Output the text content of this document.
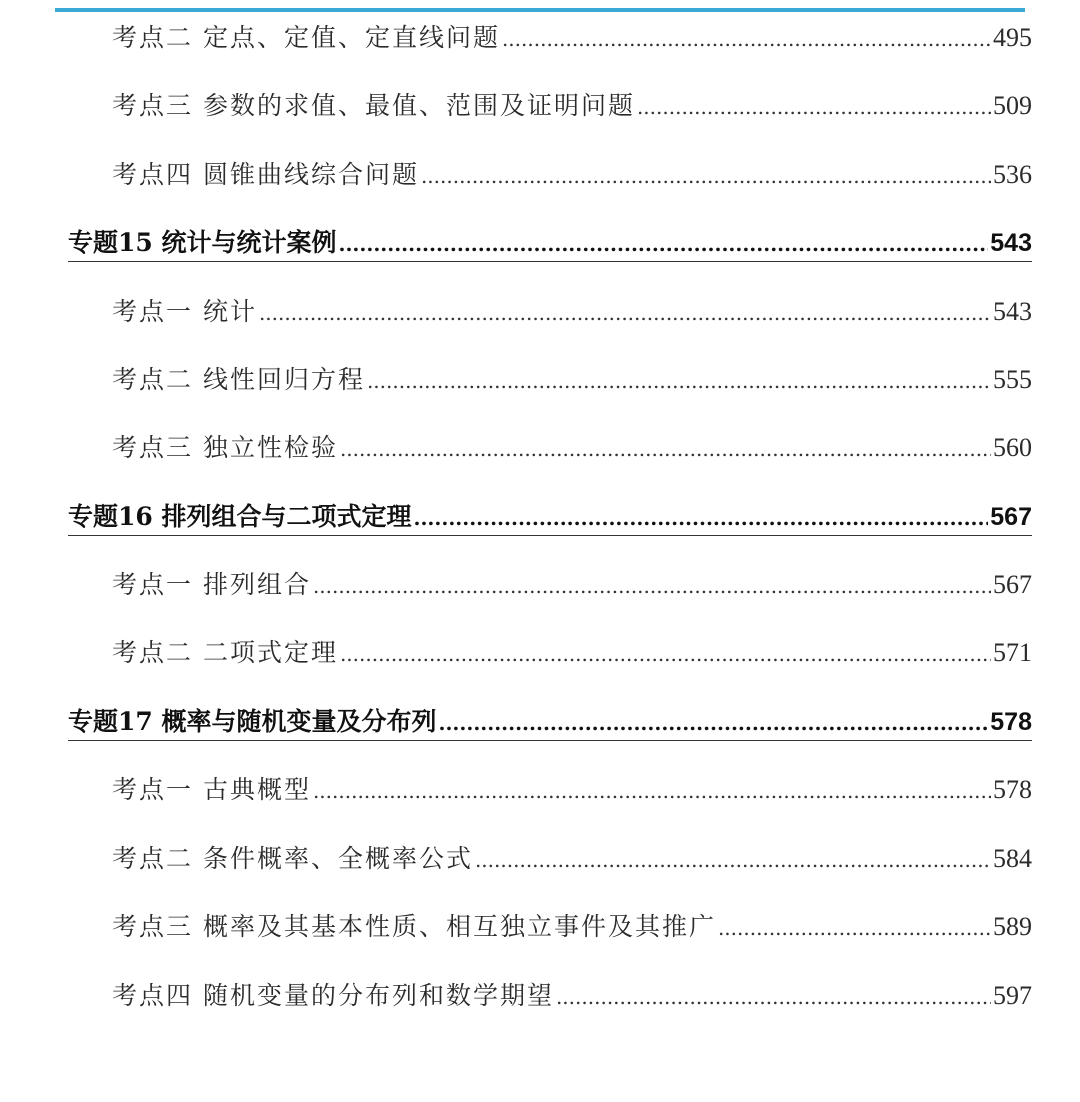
考点二 定点、定值、定直线问题 .....	495
考点三 参数的求值、最值、范围及证明问题 .....	509
考点四 圆锥曲线综合问题 .....	536
专题15 统计与统计案例 .....	543
考点一 统计 .....	543
考点二 线性回归方程 .....	555
考点三 独立性检验 .....	560
专题16 排列组合与二项式定理 .....	567
考点一 排列组合 .....	567
考点二 二项式定理 .....	571
专题17 概率与随机变量及分布列 .....	578
考点一 古典概型 .....	578
考点二 条件概率、全概率公式 .....	584
考点三 概率及其基本性质、相互独立事件及其推广 .....	589
考点四 随机变量的分布列和数学期望 .....	597
